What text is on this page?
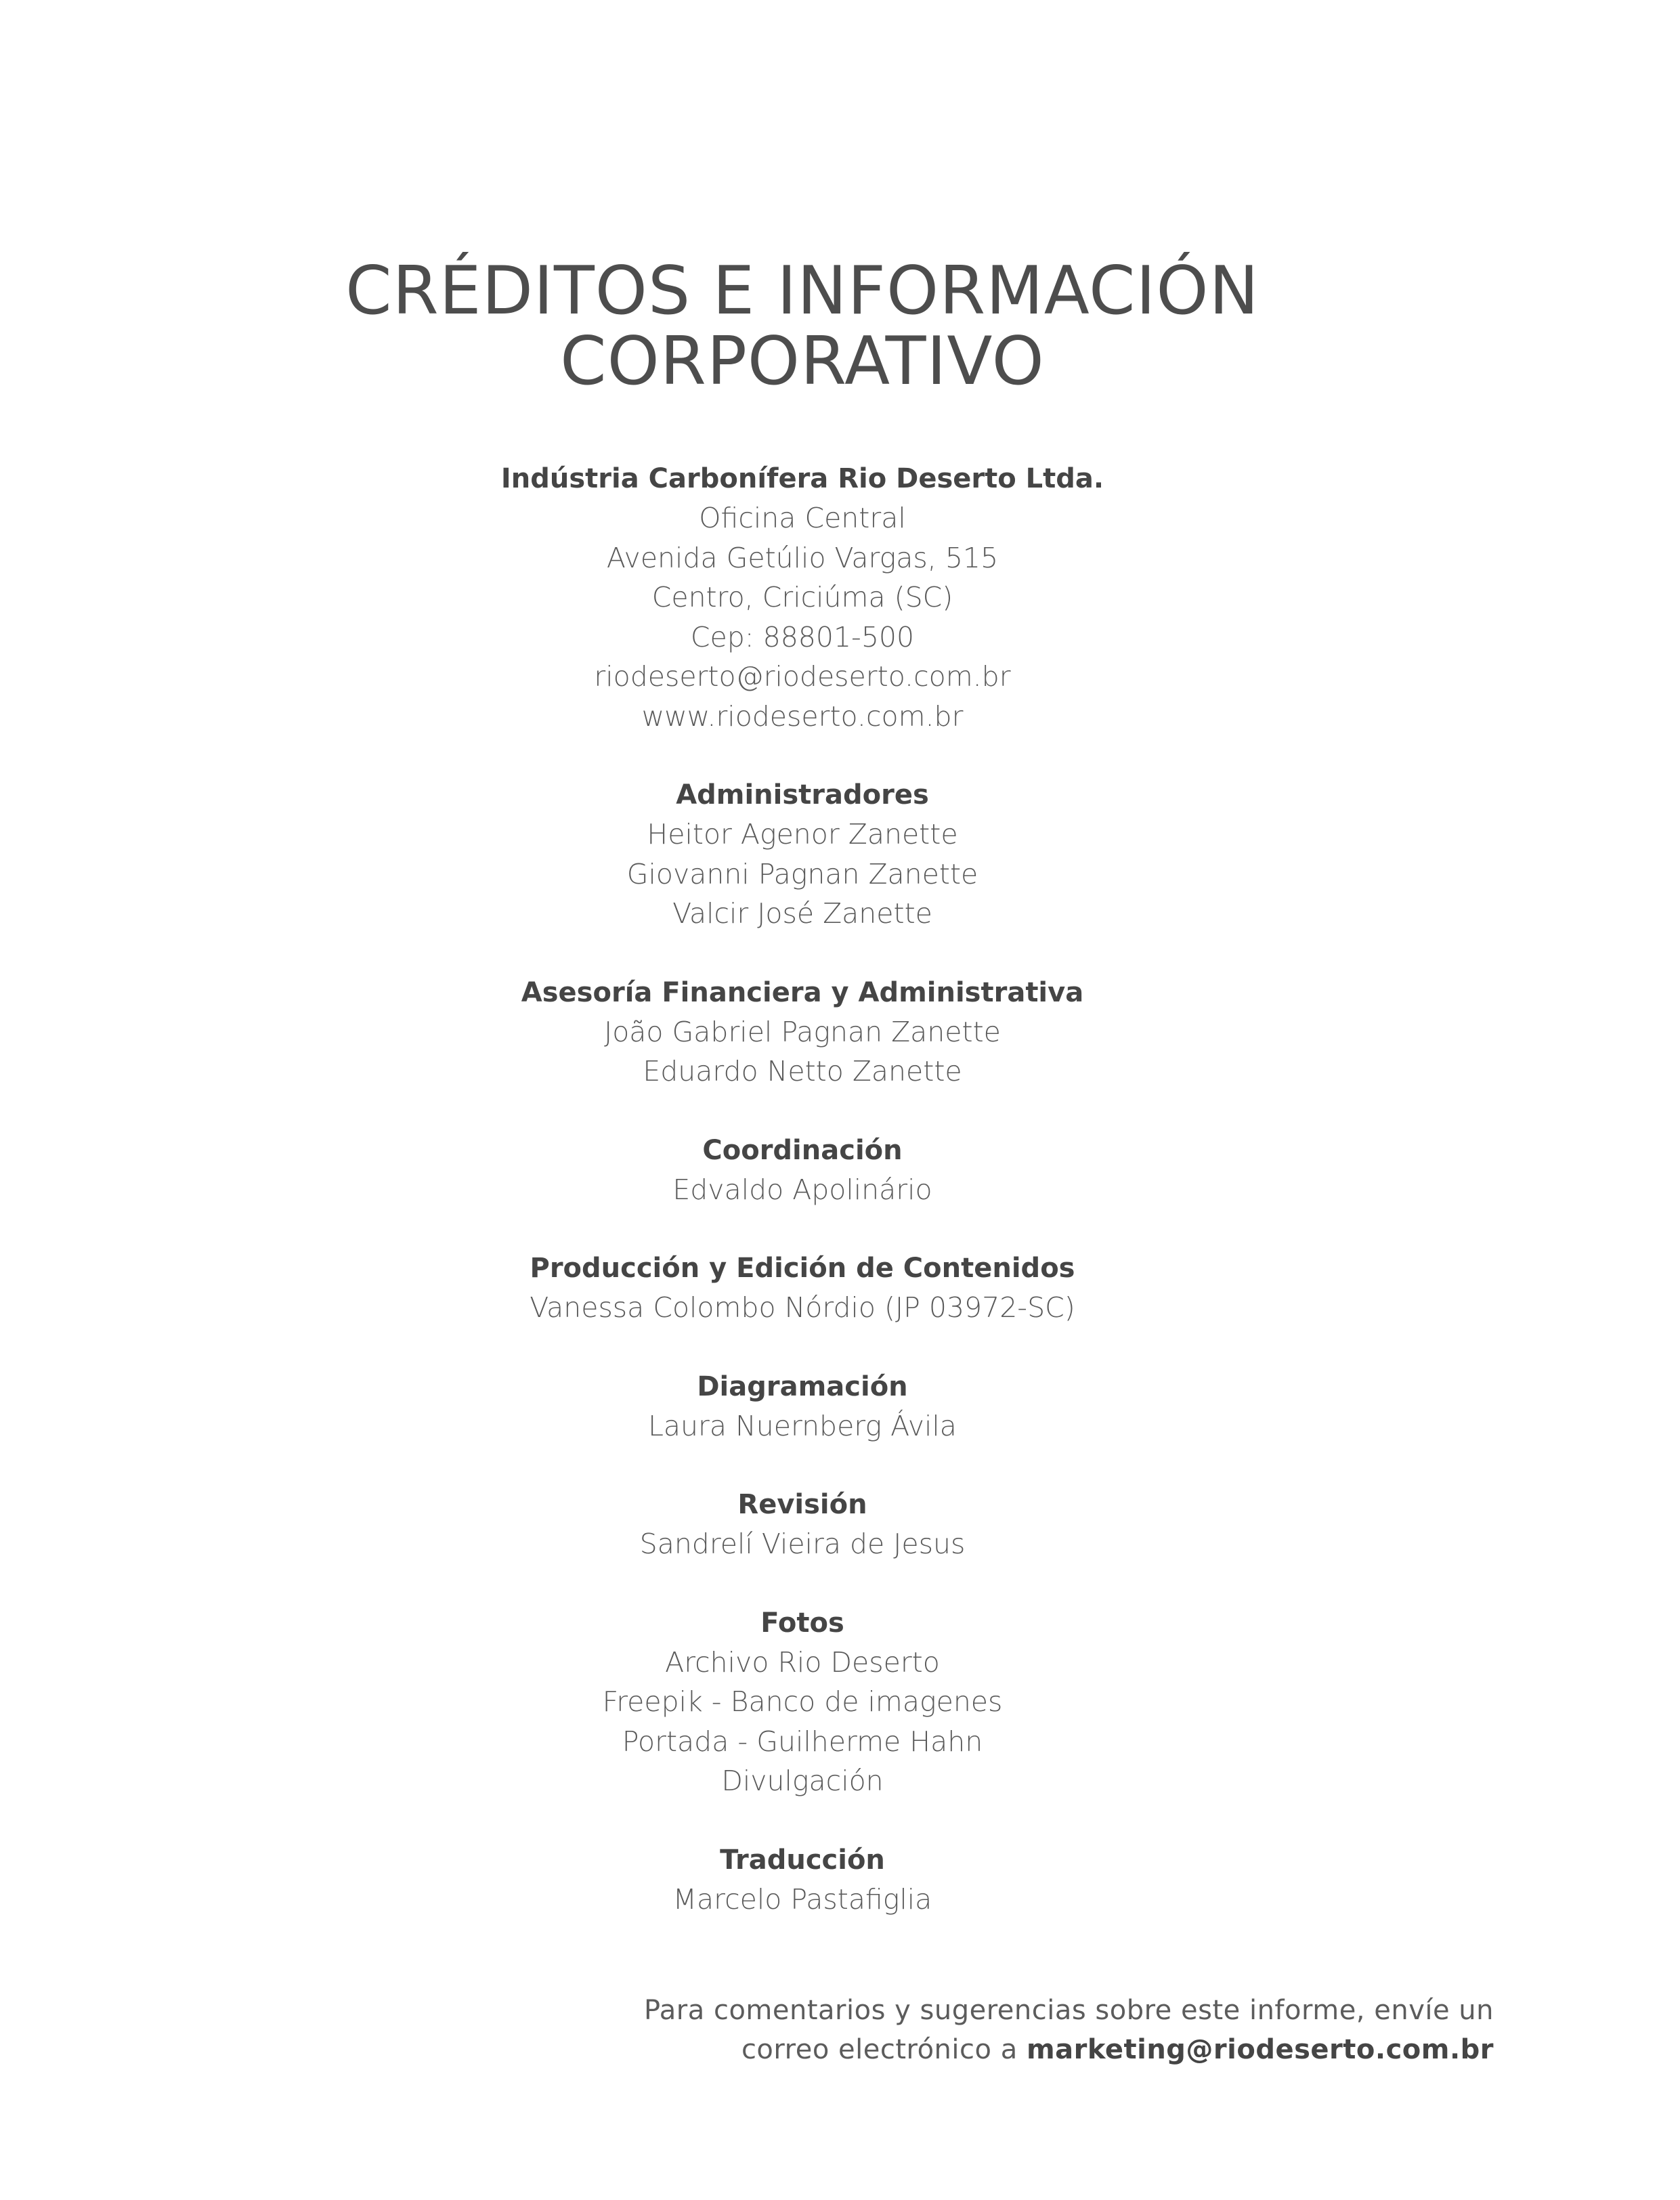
CRÉDITOS E INFORMACIÓN
CORPORATIVO
Indústria Carbonífera Rio Deserto Ltda.
Oficina Central
Avenida Getúlio Vargas, 515
Centro, Criciúma (SC)
Cep: 88801-500
riodeserto@riodeserto.com.br
www.riodeserto.com.br
Administradores
Heitor Agenor Zanette
Giovanni Pagnan Zanette
Valcir José Zanette
Asesoría Financiera y Administrativa
João Gabriel Pagnan Zanette
Eduardo Netto Zanette
Coordinación
Edvaldo Apolinário
Producción y Edición de Contenidos
Vanessa Colombo Nórdio (JP 03972-SC)
Diagramación
Laura Nuernberg Ávila
Revisión
Sandrelí Vieira de Jesus
Fotos
Archivo Rio Deserto
Freepik - Banco de imagenes
Portada - Guilherme Hahn
Divulgación
Traducción
Marcelo Pastafiglia
Para comentarios y sugerencias sobre este informe, envíe un
correo electrónico a marketing@riodeserto.com.br
